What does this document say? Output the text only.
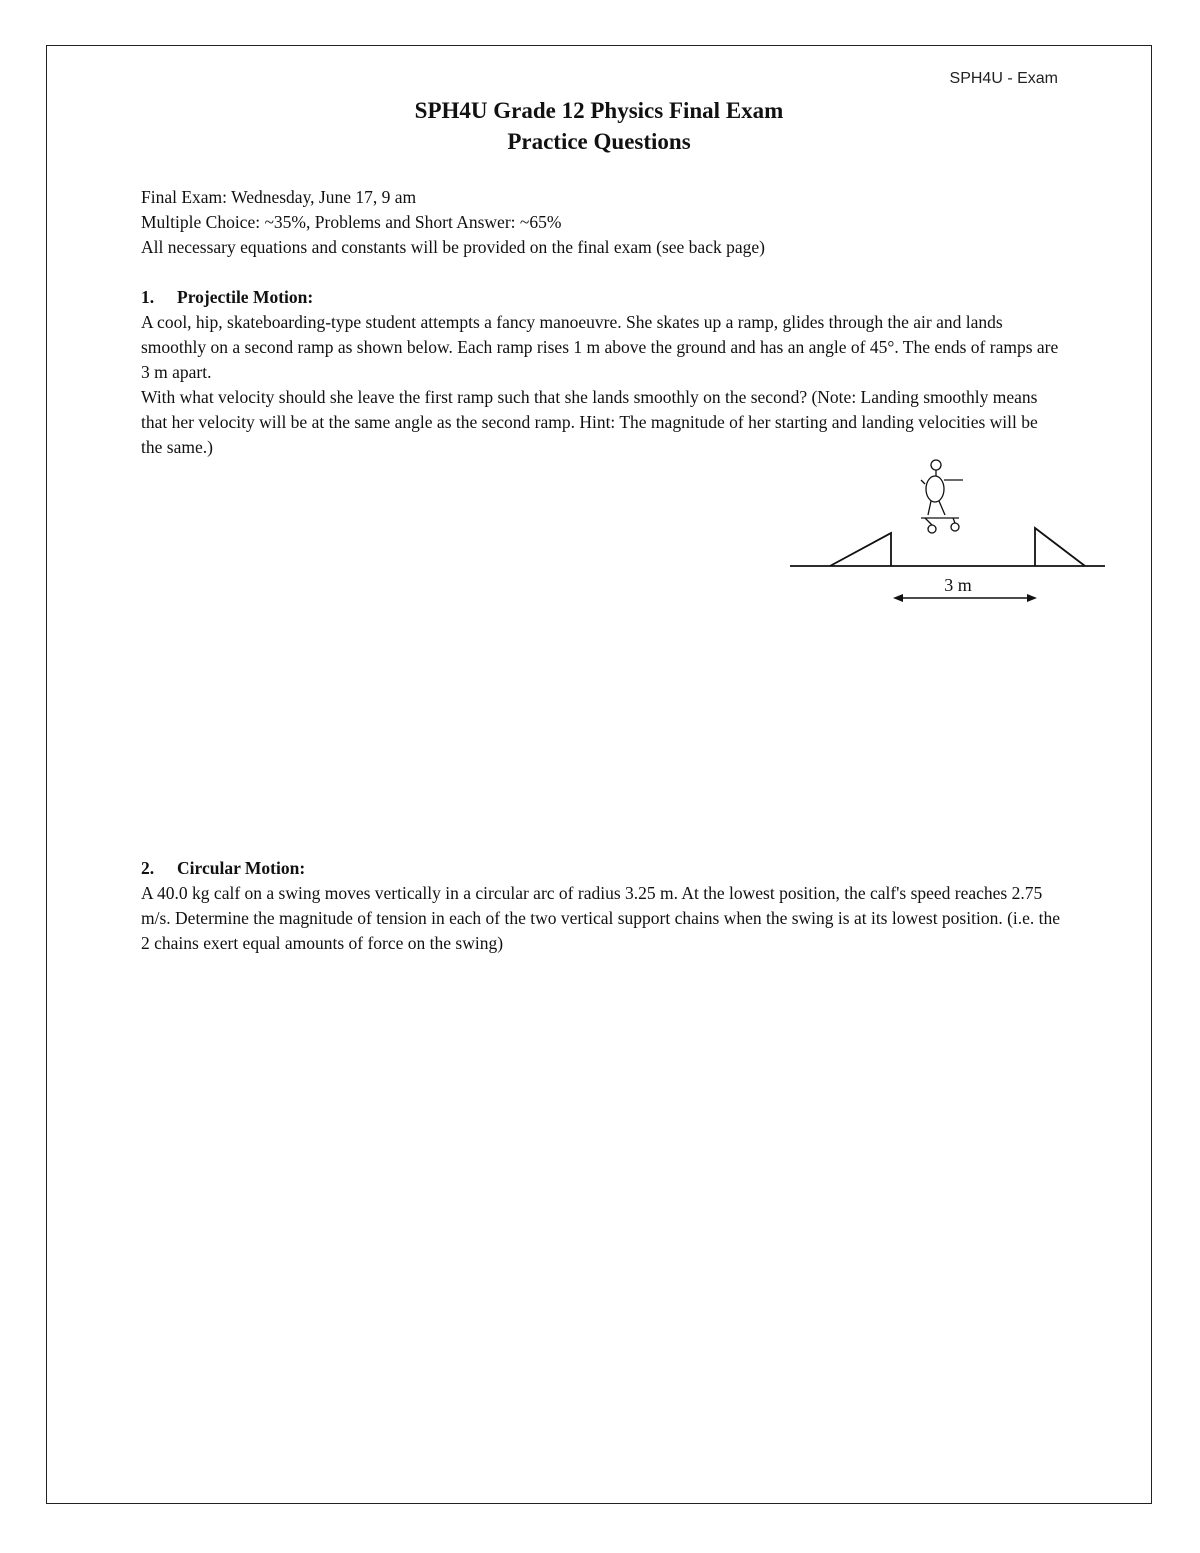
SPH4U - Exam
SPH4U Grade 12 Physics Final Exam
Practice Questions
Final Exam: Wednesday, June 17, 9 am
Multiple Choice: ~35%, Problems and Short Answer: ~65%
All necessary equations and constants will be provided on the final exam (see back page)
1. Projectile Motion:
A cool, hip, skateboarding-type student attempts a fancy manoeuvre. She skates up a ramp, glides through the air and lands smoothly on a second ramp as shown below. Each ramp rises 1 m above the ground and has an angle of 45°. The ends of ramps are 3 m apart.
With what velocity should she leave the first ramp such that she lands smoothly on the second? (Note: Landing smoothly means that her velocity will be at the same angle as the second ramp. Hint: The magnitude of her starting and landing velocities will be the same.)
3 m
2. Circular Motion:
A 40.0 kg calf on a swing moves vertically in a circular arc of radius 3.25 m. At the lowest position, the calf's speed reaches 2.75 m/s. Determine the magnitude of tension in each of the two vertical support chains when the swing is at its lowest position. (i.e. the 2 chains exert equal amounts of force on the swing)
